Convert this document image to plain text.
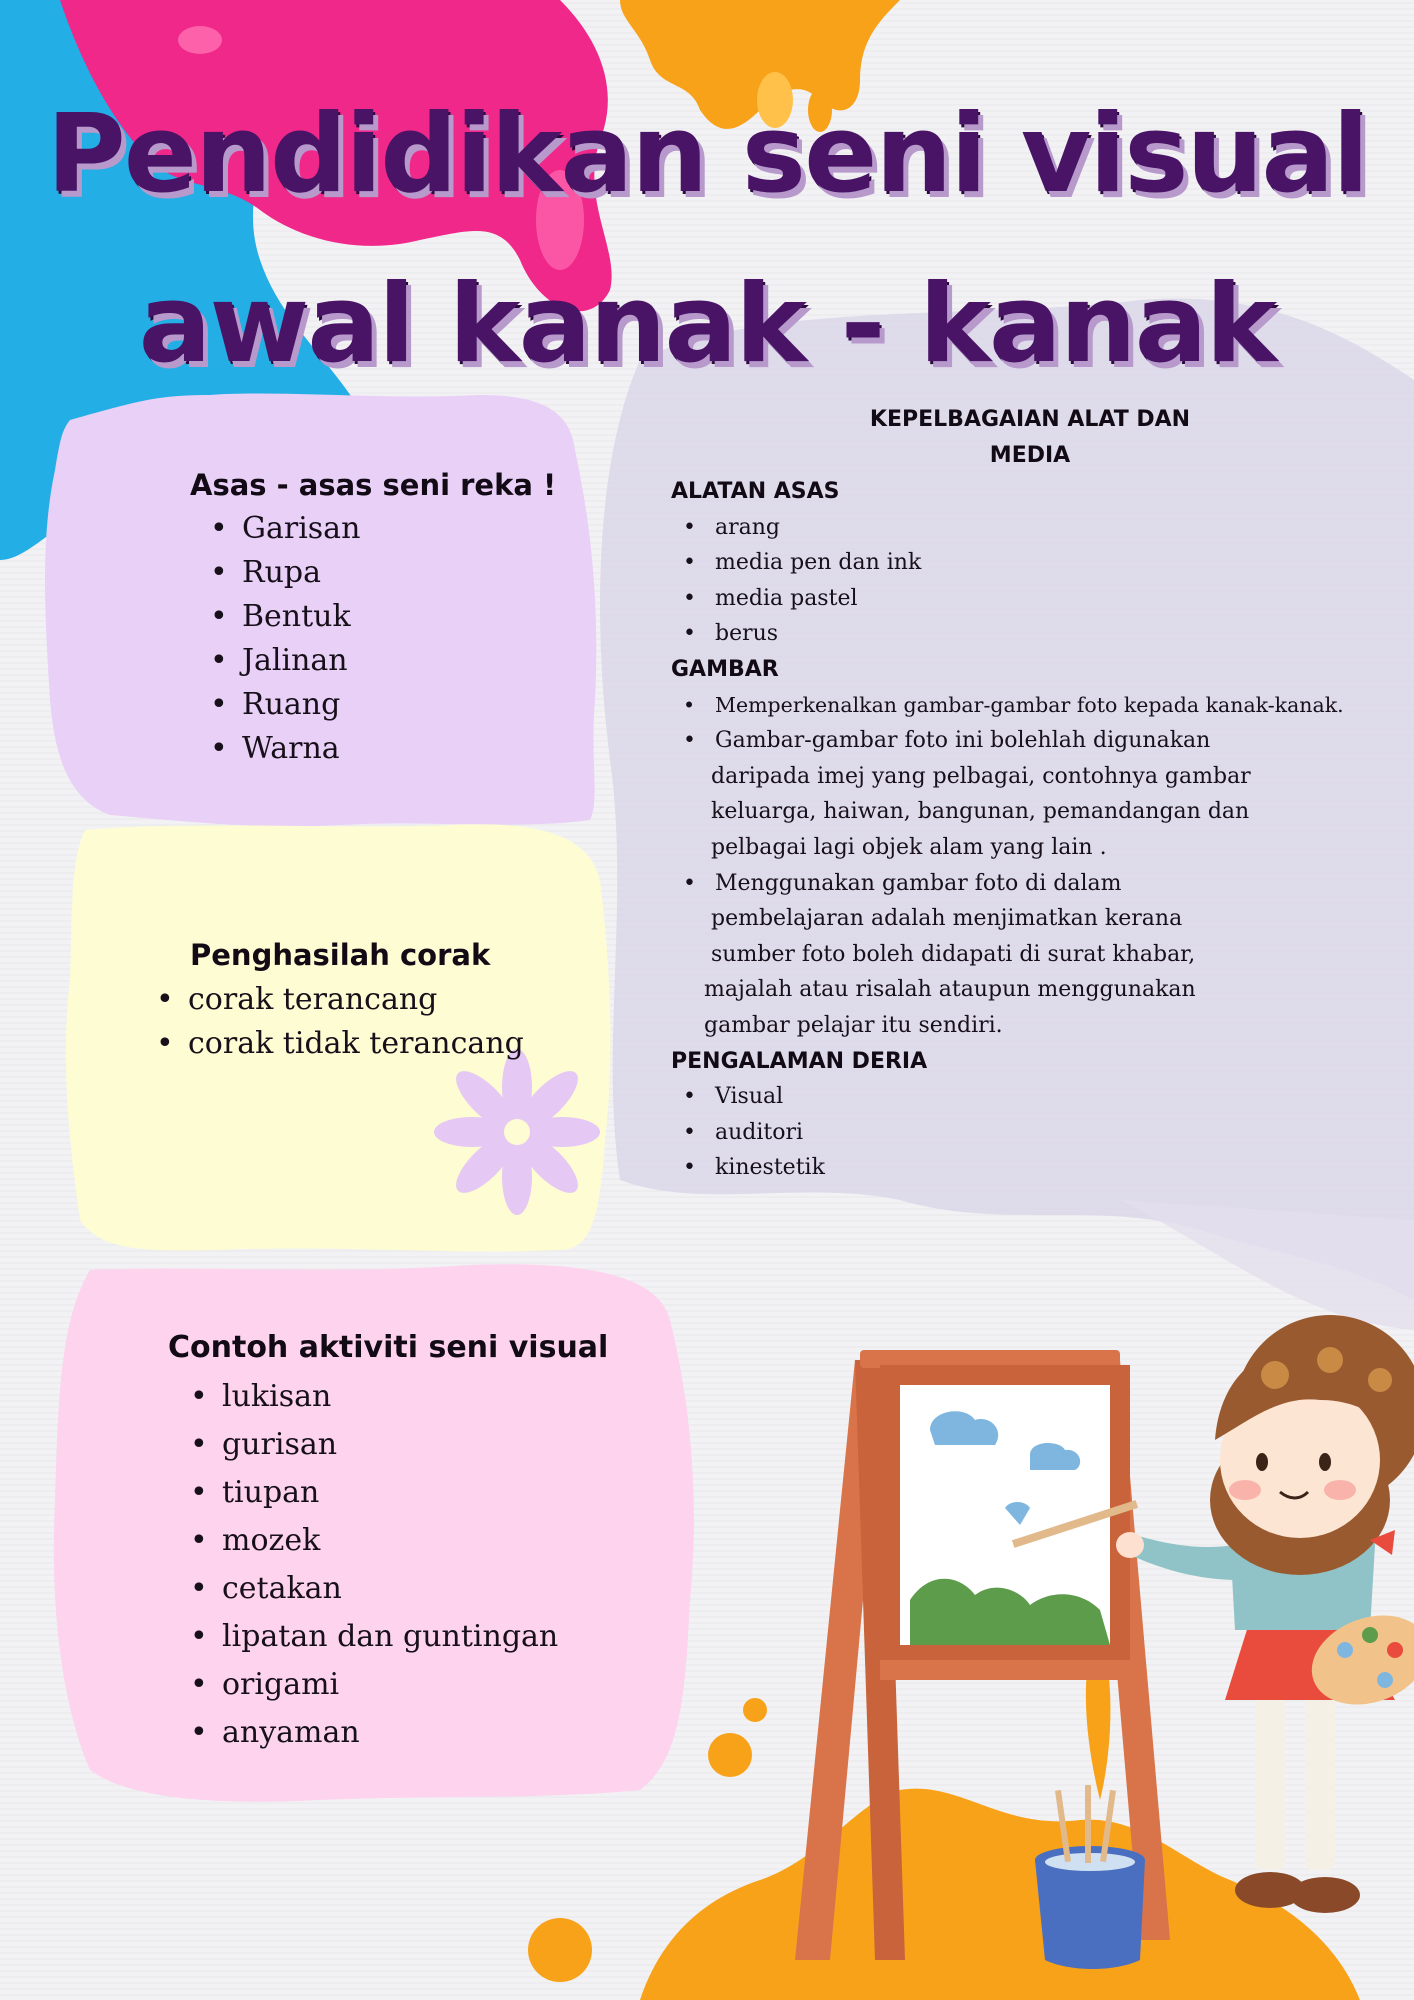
Pendidikan seni visual
awal kanak - kanak
Asas - asas seni reka !
• Garisan
• Rupa
• Bentuk
• Jalinan
• Ruang
• Warna
Penghasilah corak
• corak terancang
• corak tidak terancang
Contoh aktiviti seni visual
• lukisan
• gurisan
• tiupan
• mozek
• cetakan
• lipatan dan guntingan
• origami
• anyaman
KEPELBAGAIAN ALAT DAN
MEDIA
ALATAN ASAS
• arang
• media pen dan ink
• media pastel
• berus
GAMBAR
• Memperkenalkan gambar-gambar foto kepada kanak-kanak.
• Gambar-gambar foto ini bolehlah digunakan
daripada imej yang pelbagai, contohnya gambar
keluarga, haiwan, bangunan, pemandangan dan
pelbagai lagi objek alam yang lain .
• Menggunakan gambar foto di dalam
pembelajaran adalah menjimatkan kerana
sumber foto boleh didapati di surat khabar,
majalah atau risalah ataupun menggunakan
gambar pelajar itu sendiri.
PENGALAMAN DERIA
• Visual
• auditori
• kinestetik
